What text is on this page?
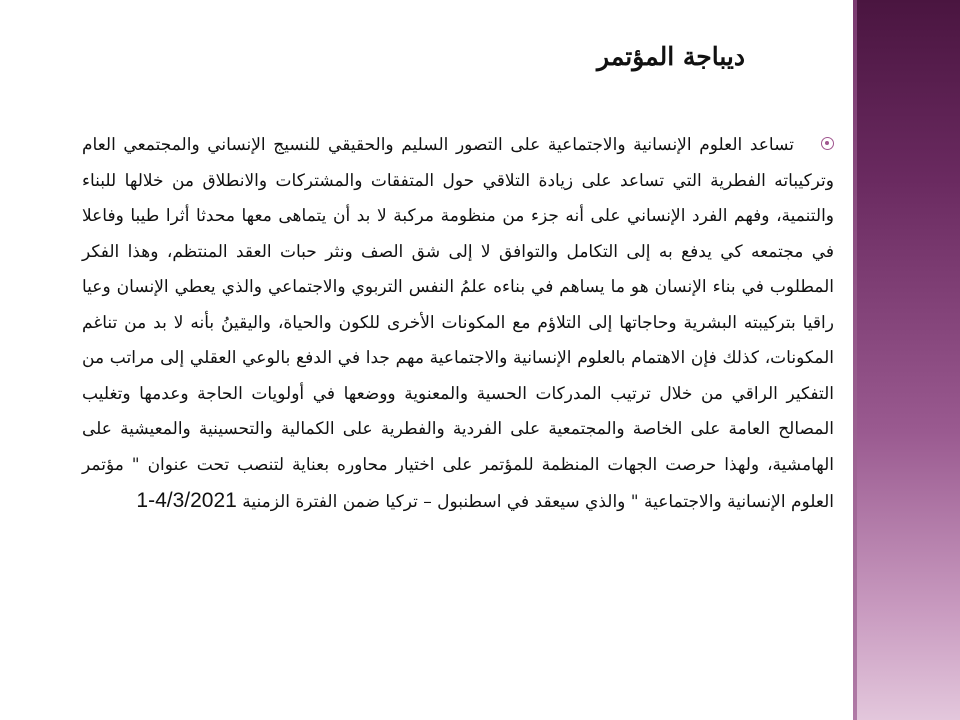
ديباجة المؤتمر

تساعد العلوم الإنسانية والاجتماعية على التصور السليم والحقيقي للنسيج الإنساني والمجتمعي العام وتركيباته الفطرية التي تساعد على زيادة التلاقي حول المتفقات والمشتركات والانطلاق من خلالها للبناء والتنمية، وفهم الفرد الإنساني على أنه جزء من منظومة مركبة لا بد أن يتماهى معها محدثا أثرا طيبا وفاعلا في مجتمعه كي يدفع به إلى التكامل والتوافق لا إلى شق الصف ونثر حبات العقد المنتظم، وهذا الفكر المطلوب في بناء الإنسان هو ما يساهم في بناءه علمُ النفس التربوي والاجتماعي والذي يعطي الإنسان وعيا راقيا بتركيبته البشرية وحاجاتها إلى التلاؤم مع المكونات الأخرى للكون والحياة، واليقينُ بأنه لا بد من تناغم المكونات، كذلك فإن الاهتمام بالعلوم الإنسانية والاجتماعية مهم جدا في الدفع بالوعي العقلي إلى مراتب من التفكير الراقي من خلال ترتيب المدركات الحسية والمعنوية ووضعها في أولويات الحاجة وعدمها وتغليب المصالح العامة على الخاصة والمجتمعية على الفردية والفطرية على الكمالية والتحسينية والمعيشية على الهامشية، ولهذا حرصت الجهات المنظمة للمؤتمر على اختيار محاوره بعناية لتنصب تحت عنوان " مؤتمر العلوم الإنسانية والاجتماعية " والذي سيعقد في اسطنبول – تركيا ضمن الفترة الزمنية 1-4/3/2021
